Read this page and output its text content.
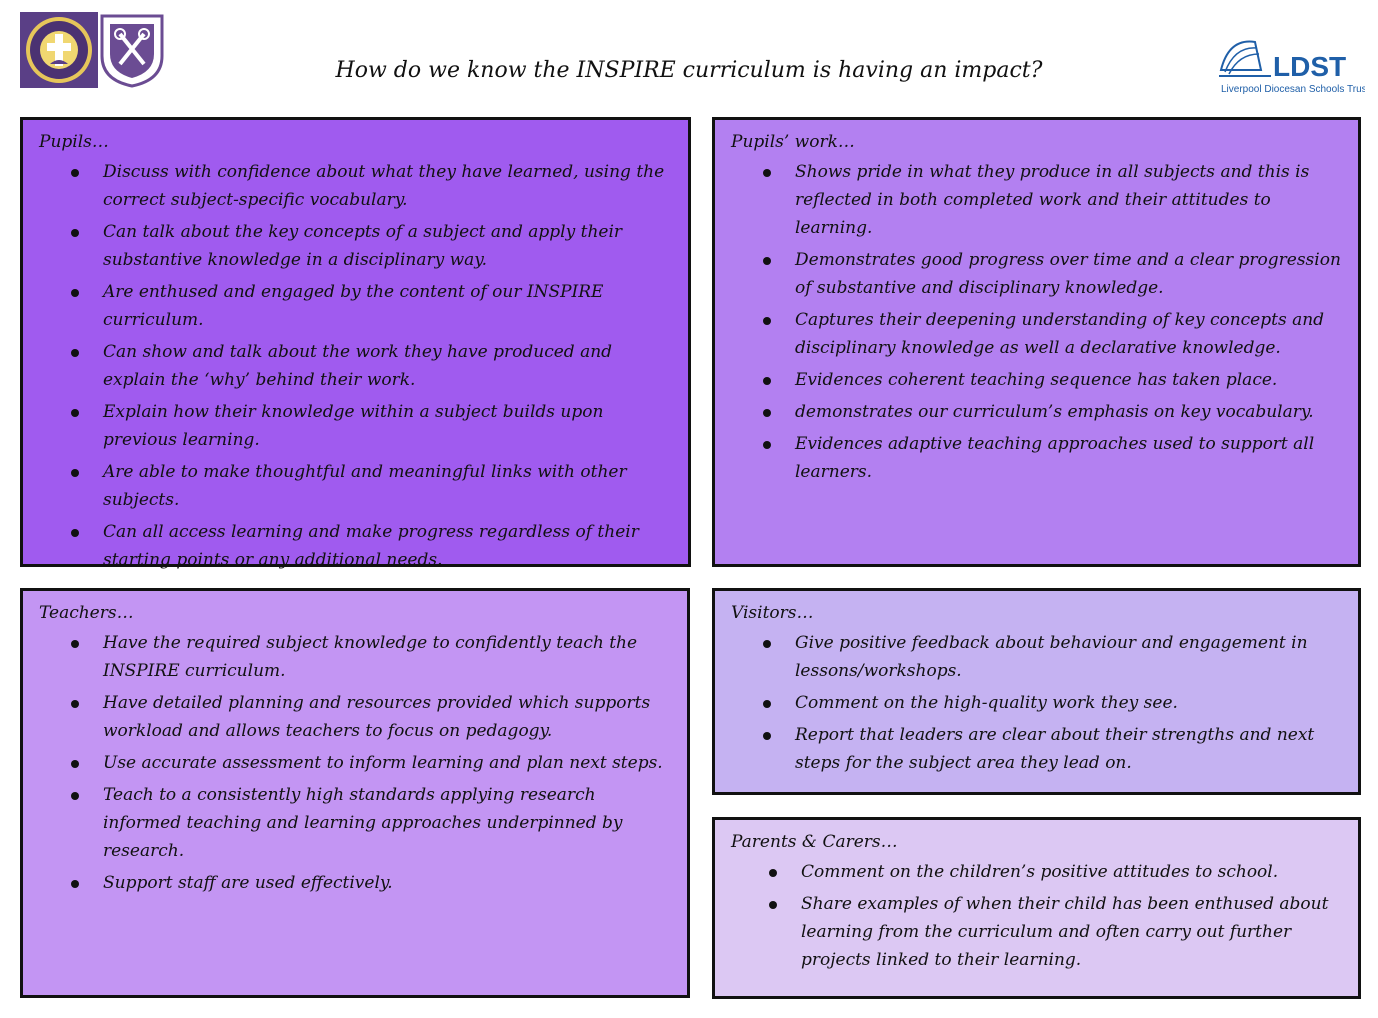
LDST
Liverpool Diocesan Schools Trust
How do we know the INSPIRE curriculum is having an impact?
Pupils…
Discuss with confidence about what they have learned, using the correct subject-specific vocabulary.
Can talk about the key concepts of a subject and apply their substantive knowledge in a disciplinary way.
Are enthused and engaged by the content of our INSPIRE curriculum.
Can show and talk about the work they have produced and explain the ‘why’ behind their work.
Explain how their knowledge within a subject builds upon previous learning.
Are able to make thoughtful and meaningful links with other subjects.
Can all access learning and make progress regardless of their starting points or any additional needs.
Pupils’ work…
Shows pride in what they produce in all subjects and this is reflected in both completed work and their attitudes to learning.
Demonstrates good progress over time and a clear progression of substantive and disciplinary knowledge.
Captures their deepening understanding of key concepts and disciplinary knowledge as well a declarative knowledge.
Evidences coherent teaching sequence has taken place.
demonstrates our curriculum’s emphasis on key vocabulary.
Evidences adaptive teaching approaches used to support all learners.
Teachers…
Have the required subject knowledge to confidently teach the INSPIRE curriculum.
Have detailed planning and resources provided which supports workload and allows teachers to focus on pedagogy.
Use accurate assessment to inform learning and plan next steps.
Teach to a consistently high standards applying research informed teaching and learning approaches underpinned by research.
Support staff are used effectively.
Visitors…
Give positive feedback about behaviour and engagement in lessons/workshops.
Comment on the high-quality work they see.
Report that leaders are clear about their strengths and next steps for the subject area they lead on.
Parents & Carers…
Comment on the children’s positive attitudes to school.
Share examples of when their child has been enthused about learning from the curriculum and often carry out further projects linked to their learning.
